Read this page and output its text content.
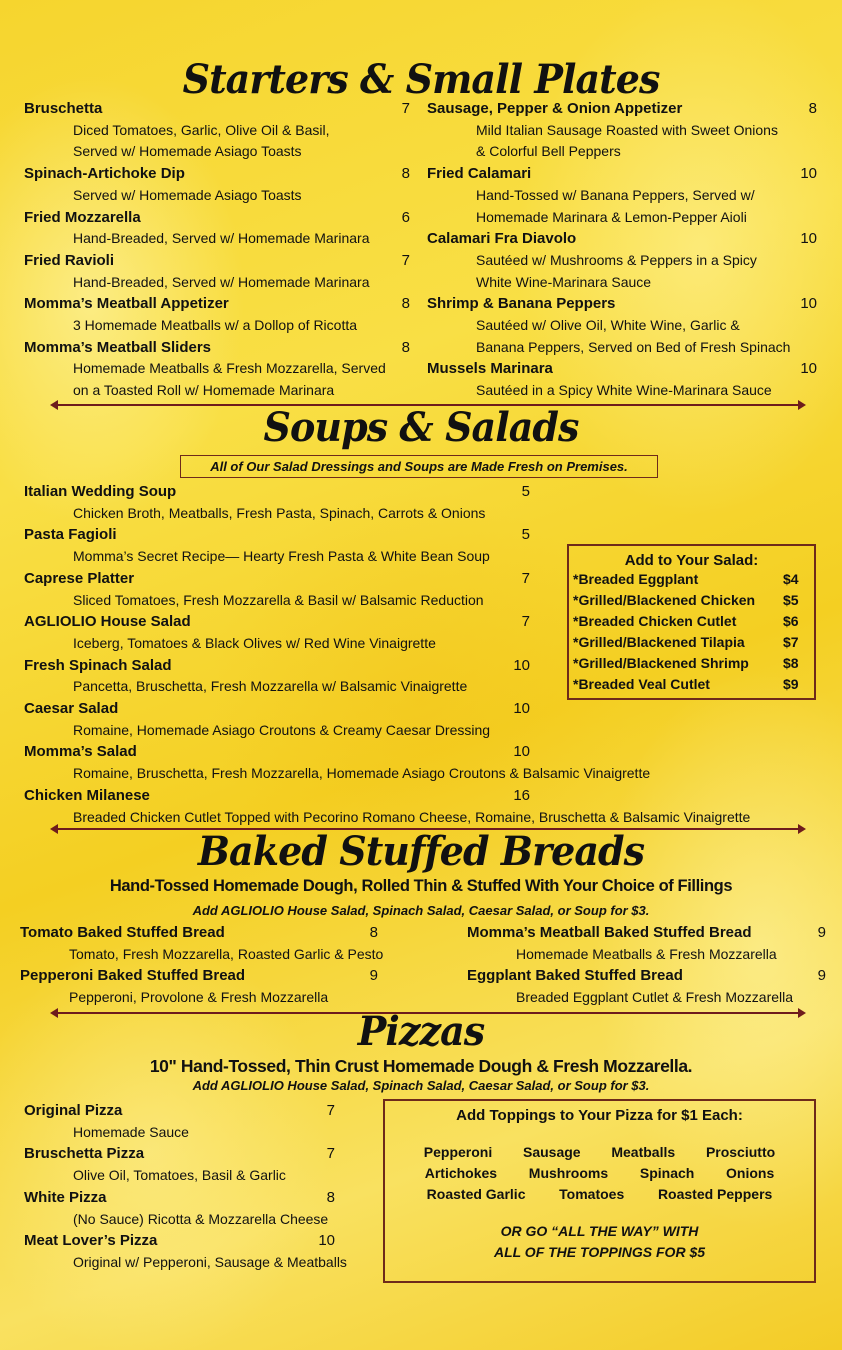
Starters & Small Plates
Bruschetta	7
Diced Tomatoes, Garlic, Olive Oil & Basil,
Served w/ Homemade Asiago Toasts
Spinach-Artichoke Dip	8
Served w/ Homemade Asiago Toasts
Fried Mozzarella	6
Hand-Breaded, Served w/ Homemade Marinara
Fried Ravioli	7
Hand-Breaded, Served w/ Homemade Marinara
Momma’s Meatball Appetizer	8
3 Homemade Meatballs w/ a Dollop of Ricotta
Momma’s Meatball Sliders	8
Homemade Meatballs & Fresh Mozzarella, Served
on a Toasted Roll w/ Homemade Marinara
Sausage, Pepper & Onion Appetizer	8
Mild Italian Sausage Roasted with Sweet Onions
& Colorful Bell Peppers
Fried Calamari	10
Hand-Tossed w/ Banana Peppers, Served w/
Homemade Marinara & Lemon-Pepper Aioli
Calamari Fra Diavolo	10
Sautéed w/ Mushrooms & Peppers in a Spicy
White Wine-Marinara Sauce
Shrimp & Banana Peppers	10
Sautéed w/ Olive Oil, White Wine, Garlic &
Banana Peppers, Served on Bed of Fresh Spinach
Mussels Marinara	10
Sautéed in a Spicy White Wine-Marinara Sauce
Soups & Salads
All of Our Salad Dressings and Soups are Made Fresh on Premises.
Italian Wedding Soup	5
Chicken Broth, Meatballs, Fresh Pasta, Spinach, Carrots & Onions
Pasta Fagioli	5
Momma’s Secret Recipe— Hearty Fresh Pasta & White Bean Soup
Caprese Platter	7
Sliced Tomatoes, Fresh Mozzarella & Basil w/ Balsamic Reduction
AGLIOLIO House Salad	7
Iceberg, Tomatoes & Black Olives w/ Red Wine Vinaigrette
Fresh Spinach Salad	10
Pancetta, Bruschetta, Fresh Mozzarella w/ Balsamic Vinaigrette
Caesar Salad	10
Romaine, Homemade Asiago Croutons & Creamy Caesar Dressing
Momma’s Salad	10
Romaine, Bruschetta, Fresh Mozzarella, Homemade Asiago Croutons & Balsamic Vinaigrette
Chicken Milanese	16
Breaded Chicken Cutlet Topped with Pecorino Romano Cheese, Romaine, Bruschetta & Balsamic Vinaigrette
Add to Your Salad:
*Breaded Eggplant	$4
*Grilled/Blackened Chicken $5
*Breaded Chicken Cutlet	$6
*Grilled/Blackened Tilapia	$7
*Grilled/Blackened Shrimp $8
*Breaded Veal Cutlet	$9
Baked Stuffed Breads
Hand-Tossed Homemade Dough, Rolled Thin & Stuffed With Your Choice of Fillings
Add AGLIOLIO House Salad, Spinach Salad, Caesar Salad, or Soup for $3.
Tomato Baked Stuffed Bread	8
Tomato, Fresh Mozzarella, Roasted Garlic & Pesto
Pepperoni Baked Stuffed Bread	9
Pepperoni, Provolone & Fresh Mozzarella
Momma’s Meatball Baked Stuffed Bread	9
Homemade Meatballs & Fresh Mozzarella
Eggplant Baked Stuffed Bread	9
Breaded Eggplant Cutlet & Fresh Mozzarella
Pizzas
10" Hand-Tossed, Thin Crust Homemade Dough & Fresh Mozzarella.
Add AGLIOLIO House Salad, Spinach Salad, Caesar Salad, or Soup for $3.
Original Pizza	7
Homemade Sauce
Bruschetta Pizza	7
Olive Oil, Tomatoes, Basil & Garlic
White Pizza	8
(No Sauce) Ricotta & Mozzarella Cheese
Meat Lover’s Pizza	10
Original w/ Pepperoni, Sausage & Meatballs
Add Toppings to Your Pizza for $1 Each:
Pepperoni Sausage Meatballs Prosciutto
Artichokes Mushrooms Spinach Onions
Roasted Garlic Tomatoes Roasted Peppers
OR GO “ALL THE WAY” WITH
ALL OF THE TOPPINGS FOR $5
